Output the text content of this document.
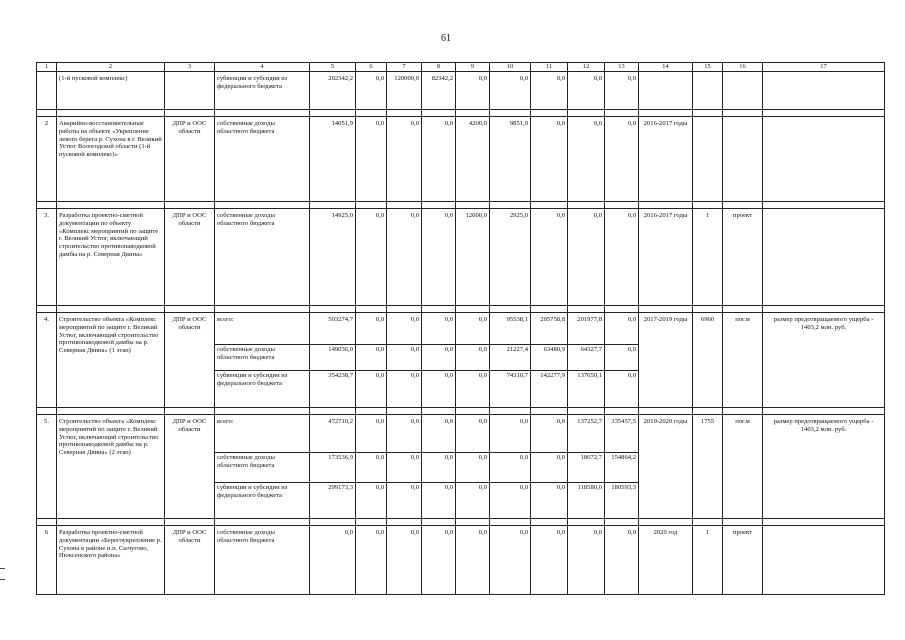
61
1	2	3	4	5	6	7	8	9	10	11	12	13	14	15	16	17
	(1-й пусковой комплекс)		субвенции и субсидии из федерального бюджета	202342,2	0,0	120000,0	82342,2	0,0	0,0	0,0	0,0	0,0				

2	Аварийно-восстановительные работы на объекте «Укрепление левого берега р. Сухона в г. Великий Устюг Вологодской области (1-й пусковой комплекс)»	ДПР и ООС области	собственные доходы областного бюджета	14051,9	0,0	0,0	0,0	4200,0	9851,9	0,0	0,0	0,0	2016-2017 годы			

3.	Разработка проектно-сметной документации по объекту «Комплекс мероприятий по защите г. Великий Устюг, включающий строительство противопаводковой дамбы на р. Северная Двина»	ДПР и ООС области	собственные доходы областного бюджета	14925,0	0,0	0,0	0,0	12000,0	2925,0	0,0	0,0	0,0	2016-2017 годы	1	проект	

4.	Строительство объекта «Комплекс мероприятий по защите г. Великий Устюг, включающий строительство противопаводковой дамбы на р. Северная Двина» (1 этап)	ДПР и ООС области	всего:	503274,7	0,0	0,0	0,0	0,0	95538,1	205758,8	201977,8	0,0	2017-2019 годы	6960	пог.м	размер предотвращаемого ущерба - 1403,2 млн. руб.
			собственные доходы областного бюджета	149036,0	0,0	0,0	0,0	0,0	21227,4	63480,9	64327,7	0,0				
			субвенции и субсидии из федерального бюджета	354238,7	0,0	0,0	0,0	0,0	74310,7	142277,9	137650,1	0,0				

5.	Строительство объекта «Комплекс мероприятий по защите г. Великий Устюг, включающий строительство противопаводковой дамбы на р. Северная Двина» (2 этап)	ДПР и ООС области	всего:	472710,2	0,0	0,0	0,0	0,0	0,0	0,0	137252,7	335457,5	2019-2020 годы	1755	пог.м	размер предотвращаемого ущерба - 1403,2 млн. руб.
			собственные доходы областного бюджета	173536,9	0,0	0,0	0,0	0,0	0,0	0,0	18672,7	154864,2				
			субвенции и субсидии из федерального бюджета	299173,3	0,0	0,0	0,0	0,0	0,0	0,0	118580,0	180593,3				

6	Разработка проектно-сметной документации «Берегоукрепление р. Сухона в районе н.п. Сычугово, Нюксенского района»	ДПР и ООС области	собственные доходы областного бюджета	0,0	0,0	0,0	0,0	0,0	0,0	0,0	0,0	0,0	2020 год	1	проект	
